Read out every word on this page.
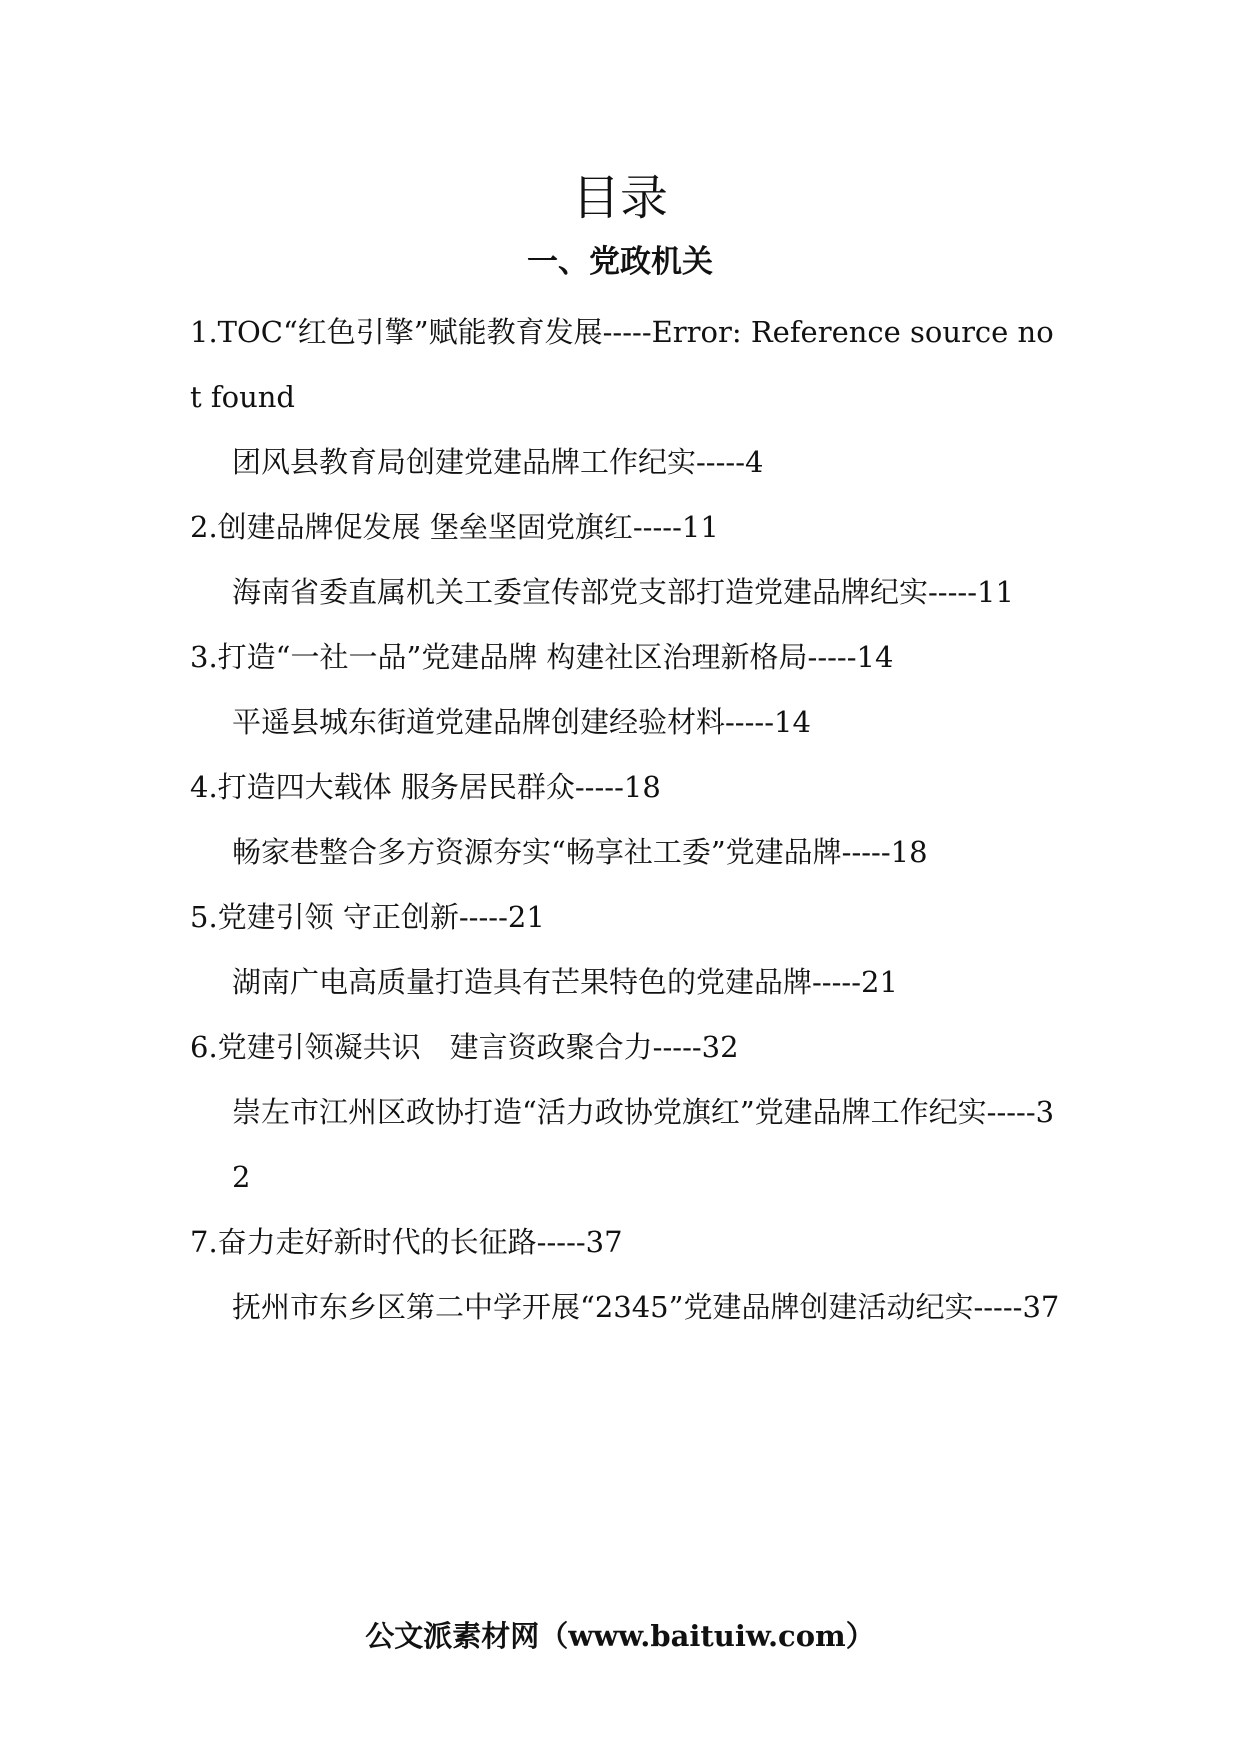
目录
一、党政机关

1.TOC“红色引擎”赋能教育发展-----Error: Reference source not found

团风县教育局创建党建品牌工作纪实-----4

2.创建品牌促发展 堡垒坚固党旗红-----11

海南省委直属机关工委宣传部党支部打造党建品牌纪实-----11

3.打造“一社一品”党建品牌 构建社区治理新格局-----14

平遥县城东街道党建品牌创建经验材料-----14

4.打造四大载体 服务居民群众-----18

畅家巷整合多方资源夯实“畅享社工委”党建品牌-----18

5.党建引领 守正创新-----21

湖南广电高质量打造具有芒果特色的党建品牌-----21

6.党建引领凝共识　建言资政聚合力-----32

崇左市江州区政协打造“活力政协党旗红”党建品牌工作纪实-----32

7.奋力走好新时代的长征路-----37

抚州市东乡区第二中学开展“2345”党建品牌创建活动纪实-----37

公文派素材网（www.baituiw.com）
